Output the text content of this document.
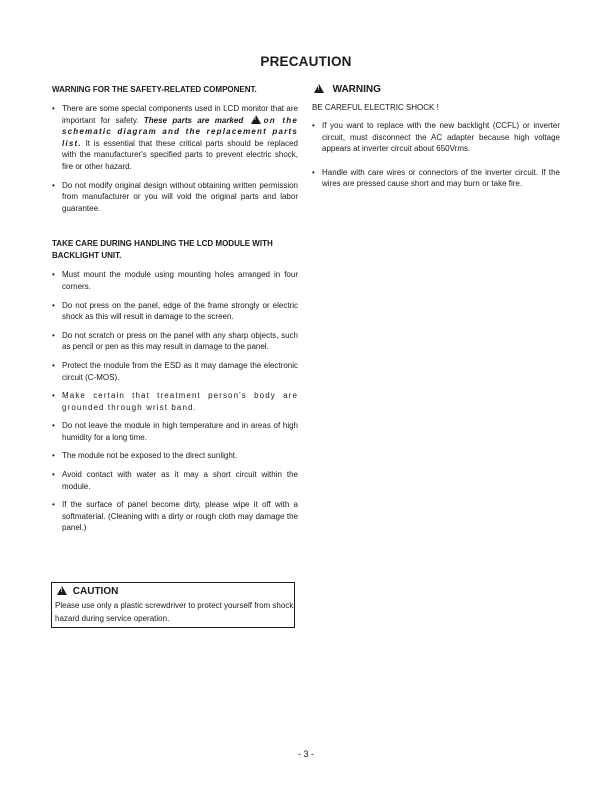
PRECAUTION

WARNING FOR THE SAFETY-RELATED COMPONENT.

• There are some special components used in LCD monitor that are important for safety. These parts are marked !on the schematic diagram and the replacement parts list. It is essential that these critical parts should be replaced with the manufacturer's specified parts to prevent electric shock, fire or other hazard.
• Do not modify original design without obtaining written permission from manufacturer or you will void the original parts and labor guarantee.

TAKE CARE DURING HANDLING THE LCD MODULE WITH BACKLIGHT UNIT.

• Must mount the module using mounting holes arranged in four corners.
• Do not press on the panel, edge of the frame strongly or electric shock as this will result in damage to the screen.
• Do not scratch or press on the panel with any sharp objects, such as pencil or pen as this may result in damage to the panel.
• Protect the module from the ESD as it may damage the electronic circuit (C-MOS).
• Make certain that treatment person's body are grounded through wrist band.
• Do not leave the module in high temperature and in areas of high humidity for a long time.
• The module not be exposed to the direct sunlight.
• Avoid contact with water as it may a short circuit within the module.
• If the surface of panel become dirty, please wipe it off with a softmaterial. (Cleaning with a dirty or rough cloth may damage the panel.)

! CAUTION

Please use only a plastic screwdriver to protect yourself from shock hazard during service operation.

!  WARNING

BE CAREFUL ELECTRIC SHOCK !

• If you want to replace with the new backlight (CCFL) or inverter circuit, must disconnect the AC adapter because high voltage appears at inverter circuit about 650Vrms.
• Handle with care wires or connectors of the inverter circuit. If the wires are pressed cause short and may burn or take fire.
- 3 -
